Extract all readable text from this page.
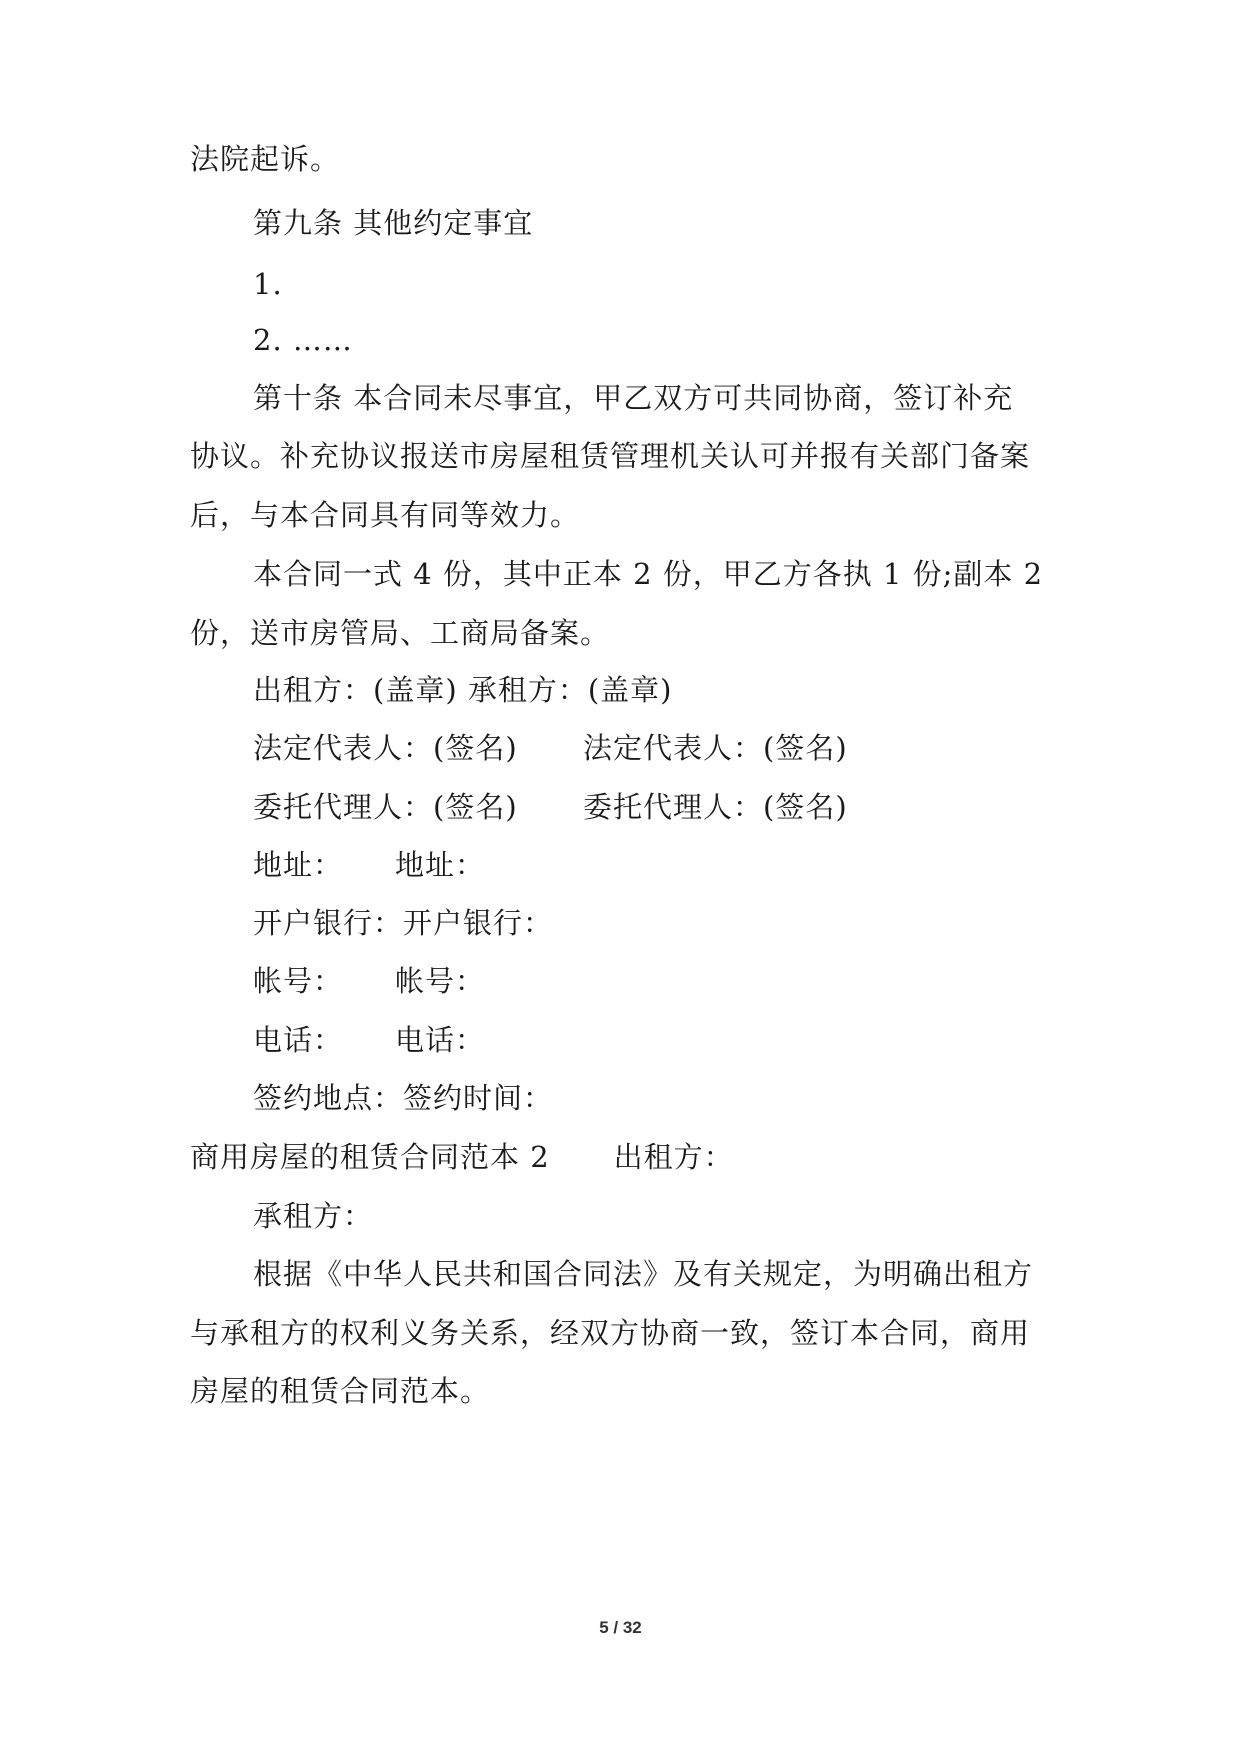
法院起诉。
第九条 其他约定事宜
1.
2. ……
第十条 本合同未尽事宜，甲乙双方可共同协商，签订补充
协议。补充协议报送市房屋租赁管理机关认可并报有关部门备案
后，与本合同具有同等效力。
本合同一式 4 份，其中正本 2 份，甲乙方各执 1 份;副本 2
份，送市房管局、工商局备案。
出租方：(盖章) 承租方：(盖章)
法定代表人：(签名) 法定代表人：(签名)
委托代理人：(签名) 委托代理人：(签名)
地址： 地址：
开户银行：开户银行：
帐号： 帐号：
电话： 电话：
签约地点：签约时间：
商用房屋的租赁合同范本 2 出租方：
承租方：
根据《中华人民共和国合同法》及有关规定，为明确出租方
与承租方的权利义务关系，经双方协商一致，签订本合同，商用
房屋的租赁合同范本。
5 / 32
